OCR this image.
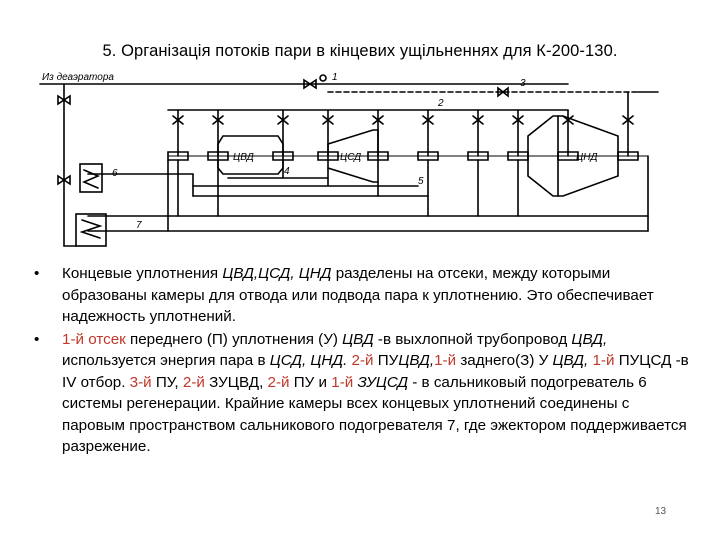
5. Організація потоків пари в кінцевих ущільненнях для К-200-130.
Из деаэратора	1
2
3
4
5
6
7
ЦВД	ЦСД	ЦНД
• Концевые уплотнения ЦВД,ЦСД, ЦНД разделены на отсеки, между которыми образованы камеры для отвода или подвода пара к уплотнению. Это обеспечивает надежность уплотнений.
• 1-й отсек переднего (П) уплотнения (У) ЦВД -в выхлопной трубопровод ЦВД, используется энергия пара в ЦСД, ЦНД. 2-й ПУЦВД,1-й заднего(З) У ЦВД, 1-й ПУЦСД -в IV отбор. 3-й ПУ, 2-й ЗУЦВД, 2-й ПУ и 1-й ЗУЦСД - в сальниковый подогреватель 6 системы регенерации. Крайние камеры всех концевых уплотнений соединены с паровым пространством сальникового подогревателя 7, где эжектором поддерживается разрежение.
13
